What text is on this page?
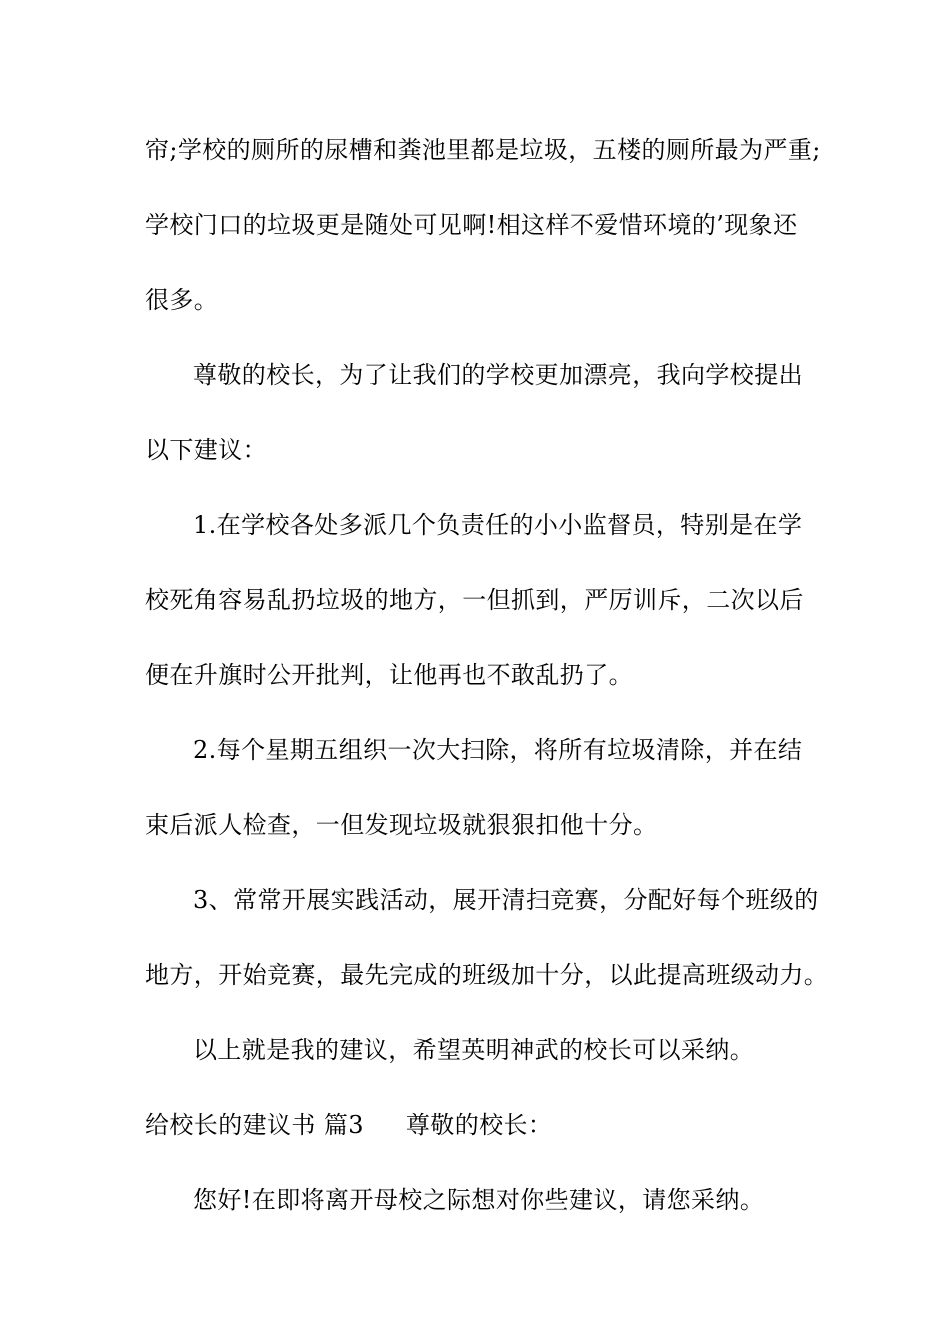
帘;学校的厕所的尿槽和粪池里都是垃圾，五楼的厕所最为严重;
学校门口的垃圾更是随处可见啊!相这样不爱惜环境的’现象还
很多。
尊敬的校长，为了让我们的学校更加漂亮，我向学校提出
以下建议：
1.在学校各处多派几个负责任的小小监督员，特别是在学
校死角容易乱扔垃圾的地方，一但抓到，严厉训斥，二次以后
便在升旗时公开批判，让他再也不敢乱扔了。
2.每个星期五组织一次大扫除，将所有垃圾清除，并在结
束后派人检查，一但发现垃圾就狠狠扣他十分。
3、常常开展实践活动，展开清扫竞赛，分配好每个班级的
地方，开始竞赛，最先完成的班级加十分，以此提高班级动力。
以上就是我的建议，希望英明神武的校长可以采纳。
给校长的建议书 篇3 尊敬的校长：
您好!在即将离开母校之际想对你些建议，请您采纳。
